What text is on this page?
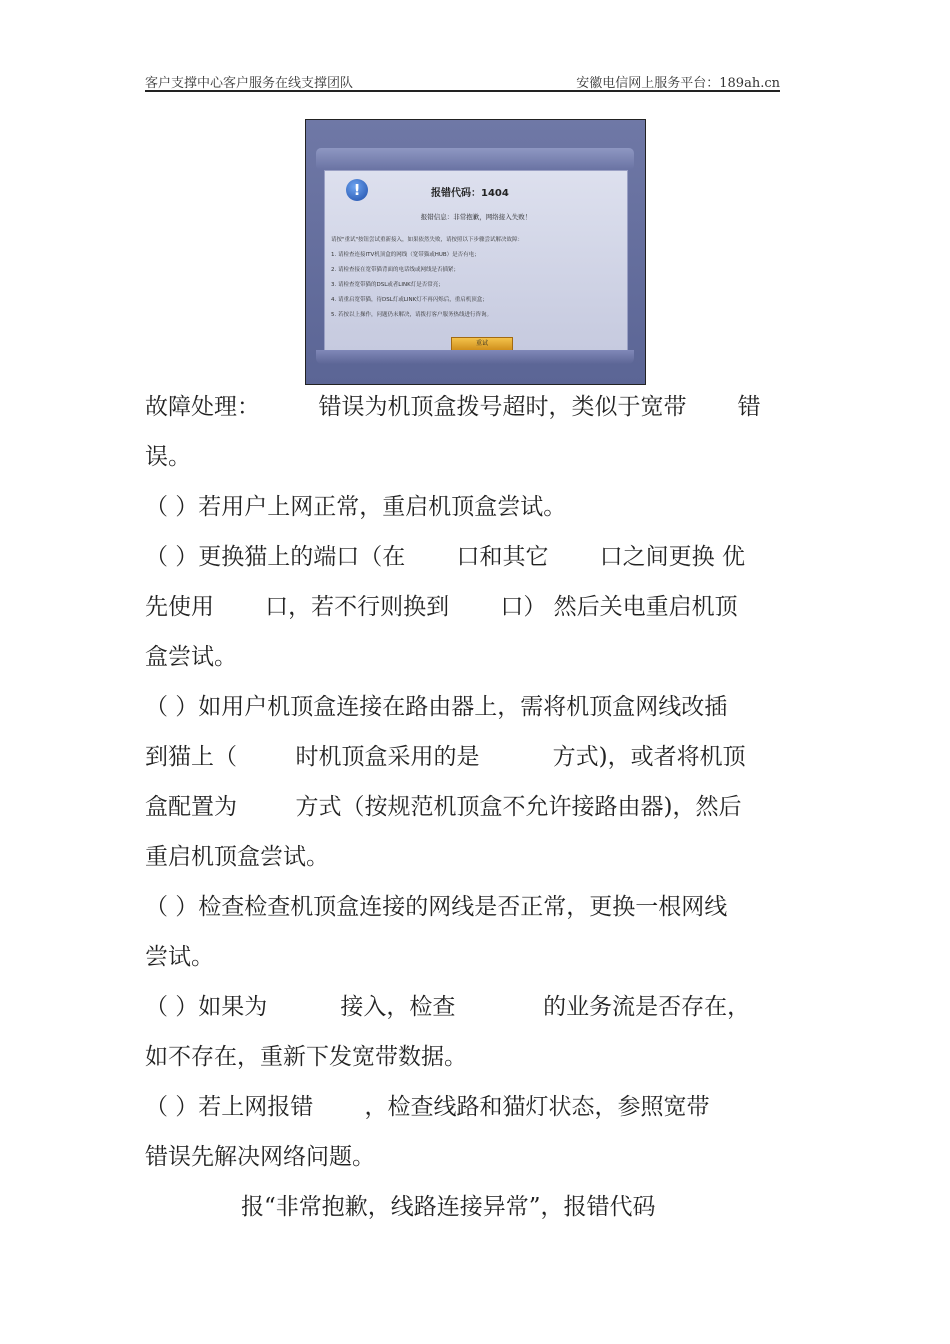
客户支撑中心客户服务在线支撑团队	安徽电信网上服务平台：189ah.cn
!	报错代码：1404
报错信息：非常抱歉，网络接入失败！
请按"重试"按钮尝试重新接入，如果依然失败，请按照以下步骤尝试解决故障：
1. 请检查连接ITV机顶盒的网线（宽带猫或HUB）是否有电；
2. 请检查接在宽带猫背面的电话线或网线是否插紧；
3. 请检查宽带猫的DSL或者LINK灯是否常亮；
4. 请重启宽带猫，待DSL灯或LINK灯不再闪烁后，重启机顶盒；
5. 若按以上操作，问题仍未解决，请拨打客户服务热线进行咨询。
重试
故障处理：        错误为机顶盒拨号超时，类似于宽带       错
误。
（ ）若用户上网正常，重启机顶盒尝试。
（ ）更换猫上的端口（在       口和其它       口之间更换 优
先使用       口，若不行则换到       口） 然后关电重启机顶
盒尝试。
（ ）如用户机顶盒连接在路由器上，需将机顶盒网线改插
到猫上（        时机顶盒采用的是          方式)，或者将机顶
盒配置为        方式（按规范机顶盒不允许接路由器)，然后
重启机顶盒尝试。
（ ）检查检查机顶盒连接的网线是否正常，更换一根网线
尝试。
（ ）如果为          接入，检查            的业务流是否存在，
如不存在，重新下发宽带数据。
（ ）若上网报错       ，检查线路和猫灯状态，参照宽带
错误先解决网络问题。
报“非常抱歉，线路连接异常”，报错代码
